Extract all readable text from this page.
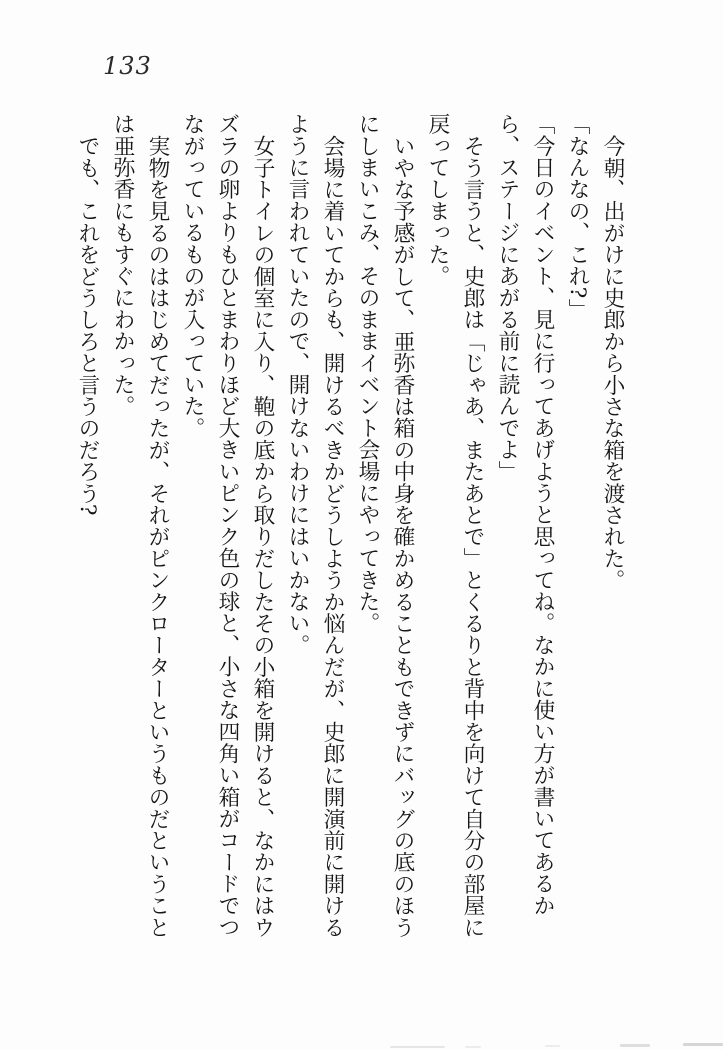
133

今朝、出がけに史郎から小さな箱を渡された。

「なんなの、これ?」

「今日のイベント、見に行ってあげようと思ってね。なかに使い方が書いてあるから、ステージにあがる前に読んでよ」

そう言うと、史郎は「じゃあ、またあとで」とくるりと背中を向けて自分の部屋に戻ってしまった。

いやな予感がして、亜弥香は箱の中身を確かめることもできずにバッグの底のほうにしまいこみ、そのままイベント会場にやってきた。

会場に着いてからも、開けるべきかどうしようか悩んだが、史郎に開演前に開けるように言われていたので、開けないわけにはいかない。

女子トイレの個室に入り、鞄の底から取りだしたその小箱を開けると、なかにはウズラの卵よりもひとまわりほど大きいピンク色の球と、小さな四角い箱がコードでつながっているものが入っていた。

実物を見るのははじめてだったが、それがピンクローターというものだということは亜弥香にもすぐにわかった。

でも、これをどうしろと言うのだろう?
